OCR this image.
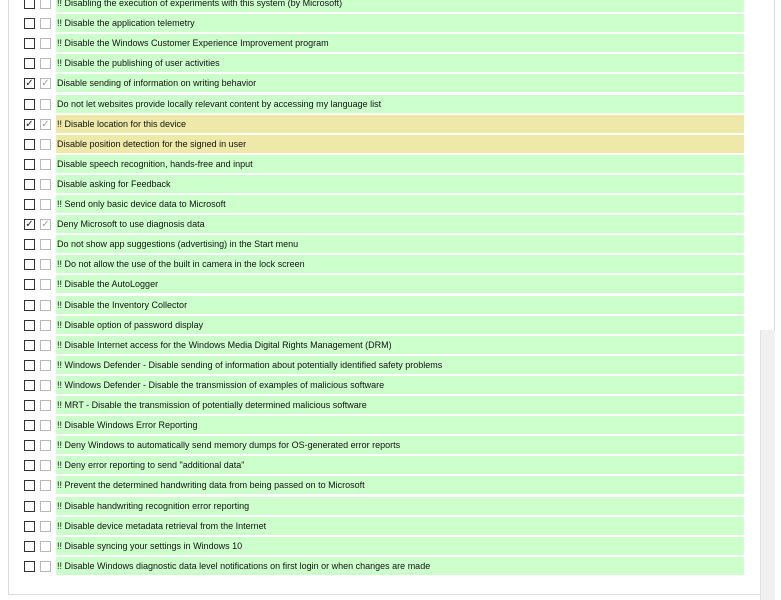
!! Disabling the execution of experiments with this system (by Microsoft)
!! Disable the application telemetry
!! Disable the Windows Customer Experience Improvement program
!! Disable the publishing of user activities
✓ ✓ Disable sending of information on writing behavior
Do not let websites provide locally relevant content by accessing my language list
✓ ✓ !! Disable location for this device
Disable position detection for the signed in user
Disable speech recognition, hands-free and input
Disable asking for Feedback
!! Send only basic device data to Microsoft
✓ ✓ Deny Microsoft to use diagnosis data
Do not show app suggestions (advertising) in the Start menu
!! Do not allow the use of the built in camera in the lock screen
!! Disable the AutoLogger
!! Disable the Inventory Collector
!! Disable option of password display
!! Disable Internet access for the Windows Media Digital Rights Management (DRM)
!! Windows Defender - Disable sending of information about potentially identified safety problems
!! Windows Defender - Disable the transmission of examples of malicious software
!! MRT - Disable the transmission of potentially determined malicious software
!! Disable Windows Error Reporting
!! Deny Windows to automatically send memory dumps for OS-generated error reports
!! Deny error reporting to send "additional data"
!! Prevent the determined handwriting data from being passed on to Microsoft
!! Disable handwriting recognition error reporting
!! Disable device metadata retrieval from the Internet
!! Disable syncing your settings in Windows 10
!! Disable Windows diagnostic data level notifications on first login or when changes are made
